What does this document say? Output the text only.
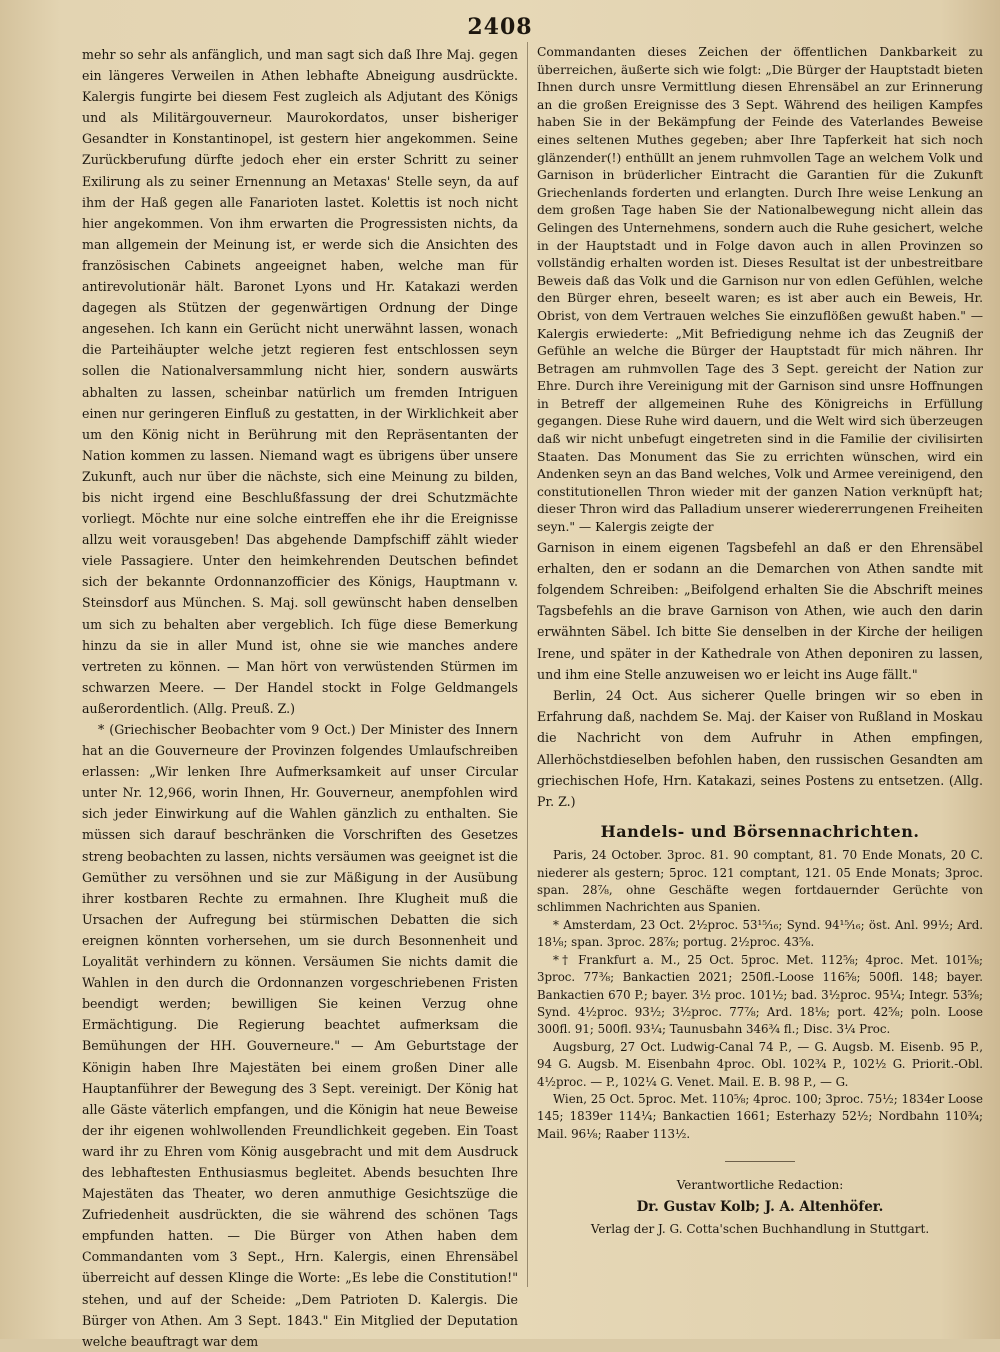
2408

mehr so sehr als anfänglich, und man sagt sich daß Ihre Maj. gegen ein längeres Verweilen in Athen lebhafte Abneigung ausdrückte. Kalergis fungirte bei diesem Fest zugleich als Adjutant des Königs und als Militärgouverneur. Maurokordatos, unser bisheriger Gesandter in Konstantinopel, ist gestern hier angekommen. Seine Zurückberufung dürfte jedoch eher ein erster Schritt zu seiner Exilirung als zu seiner Ernennung an Metaxas' Stelle seyn, da auf ihm der Haß gegen alle Fanarioten lastet. Kolettis ist noch nicht hier angekommen. Von ihm erwarten die Progressisten nichts, da man allgemein der Meinung ist, er werde sich die Ansichten des französischen Cabinets angeeignet haben, welche man für antirevolutionär hält. Baronet Lyons und Hr. Katakazi werden dagegen als Stützen der gegenwärtigen Ordnung der Dinge angesehen. Ich kann ein Gerücht nicht unerwähnt lassen, wonach die Parteihäupter welche jetzt regieren fest entschlossen seyn sollen die Nationalversammlung nicht hier, sondern auswärts abhalten zu lassen, scheinbar natürlich um fremden Intriguen einen nur geringeren Einfluß zu gestatten, in der Wirklichkeit aber um den König nicht in Berührung mit den Repräsentanten der Nation kommen zu lassen. Niemand wagt es übrigens über unsere Zukunft, auch nur über die nächste, sich eine Meinung zu bilden, bis nicht irgend eine Beschlußfassung der drei Schutzmächte vorliegt. Möchte nur eine solche eintreffen ehe ihr die Ereignisse allzu weit vorausgeben! Das abgehende Dampfschiff zählt wieder viele Passagiere. Unter den heimkehrenden Deutschen befindet sich der bekannte Ordonnanzofficier des Königs, Hauptmann v. Steinsdorf aus München. S. Maj. soll gewünscht haben denselben um sich zu behalten aber vergeblich. Ich füge diese Bemerkung hinzu da sie in aller Mund ist, ohne sie wie manches andere vertreten zu können. — Man hört von verwüstenden Stürmen im schwarzen Meere. — Der Handel stockt in Folge Geldmangels außerordentlich. (Allg. Preuß. Z.)

* (Griechischer Beobachter vom 9 Oct.) Der Minister des Innern hat an die Gouverneure der Provinzen folgendes Umlaufschreiben erlassen: „Wir lenken Ihre Aufmerksamkeit auf unser Circular unter Nr. 12,966, worin Ihnen, Hr. Gouverneur, anempfohlen wird sich jeder Einwirkung auf die Wahlen gänzlich zu enthalten. Sie müssen sich darauf beschränken die Vorschriften des Gesetzes streng beobachten zu lassen, nichts versäumen was geeignet ist die Gemüther zu versöhnen und sie zur Mäßigung in der Ausübung ihrer kostbaren Rechte zu ermahnen. Ihre Klugheit muß die Ursachen der Aufregung bei stürmischen Debatten die sich ereignen könnten vorhersehen, um sie durch Besonnenheit und Loyalität verhindern zu können. Versäumen Sie nichts damit die Wahlen in den durch die Ordonnanzen vorgeschriebenen Fristen beendigt werden; bewilligen Sie keinen Verzug ohne Ermächtigung. Die Regierung beachtet aufmerksam die Bemühungen der HH. Gouverneure." — Am Geburtstage der Königin haben Ihre Majestäten bei einem großen Diner alle Hauptanführer der Bewegung des 3 Sept. vereinigt. Der König hat alle Gäste väterlich empfangen, und die Königin hat neue Beweise der ihr eigenen wohlwollenden Freundlichkeit gegeben. Ein Toast ward ihr zu Ehren vom König ausgebracht und mit dem Ausdruck des lebhaftesten Enthusiasmus begleitet. Abends besuchten Ihre Majestäten das Theater, wo deren anmuthige Gesichtszüge die Zufriedenheit ausdrückten, die sie während des schönen Tags empfunden hatten. — Die Bürger von Athen haben dem Commandanten vom 3 Sept., Hrn. Kalergis, einen Ehrensäbel überreicht auf dessen Klinge die Worte: „Es lebe die Constitution!" stehen, und auf der Scheide: „Dem Patrioten D. Kalergis. Die Bürger von Athen. Am 3 Sept. 1843." Ein Mitglied der Deputation welche beauftragt war dem

Commandanten dieses Zeichen der öffentlichen Dankbarkeit zu überreichen, äußerte sich wie folgt: „Die Bürger der Hauptstadt bieten Ihnen durch unsre Vermittlung diesen Ehrensäbel an zur Erinnerung an die großen Ereignisse des 3 Sept. Während des heiligen Kampfes haben Sie in der Bekämpfung der Feinde des Vaterlandes Beweise eines seltenen Muthes gegeben; aber Ihre Tapferkeit hat sich noch glänzender(!) enthüllt an jenem ruhmvollen Tage an welchem Volk und Garnison in brüderlicher Eintracht die Garantien für die Zukunft Griechenlands forderten und erlangten. Durch Ihre weise Lenkung an dem großen Tage haben Sie der Nationalbewegung nicht allein das Gelingen des Unternehmens, sondern auch die Ruhe gesichert, welche in der Hauptstadt und in Folge davon auch in allen Provinzen so vollständig erhalten worden ist. Dieses Resultat ist der unbestreitbare Beweis daß das Volk und die Garnison nur von edlen Gefühlen, welche den Bürger ehren, beseelt waren; es ist aber auch ein Beweis, Hr. Obrist, von dem Vertrauen welches Sie einzuflößen gewußt haben." — Kalergis erwiederte: „Mit Befriedigung nehme ich das Zeugniß der Gefühle an welche die Bürger der Hauptstadt für mich nähren. Ihr Betragen am ruhmvollen Tage des 3 Sept. gereicht der Nation zur Ehre. Durch ihre Vereinigung mit der Garnison sind unsre Hoffnungen in Betreff der allgemeinen Ruhe des Königreichs in Erfüllung gegangen. Diese Ruhe wird dauern, und die Welt wird sich überzeugen daß wir nicht unbefugt eingetreten sind in die Familie der civilisirten Staaten. Das Monument das Sie zu errichten wünschen, wird ein Andenken seyn an das Band welches, Volk und Armee vereinigend, den constitutionellen Thron wieder mit der ganzen Nation verknüpft hat; dieser Thron wird das Palladium unserer wiedererrungenen Freiheiten seyn." — Kalergis zeigte der

Garnison in einem eigenen Tagsbefehl an daß er den Ehrensäbel erhalten, den er sodann an die Demarchen von Athen sandte mit folgendem Schreiben: „Beifolgend erhalten Sie die Abschrift meines Tagsbefehls an die brave Garnison von Athen, wie auch den darin erwähnten Säbel. Ich bitte Sie denselben in der Kirche der heiligen Irene, und später in der Kathedrale von Athen deponiren zu lassen, und ihm eine Stelle anzuweisen wo er leicht ins Auge fällt."

Berlin, 24 Oct. Aus sicherer Quelle bringen wir so eben in Erfahrung daß, nachdem Se. Maj. der Kaiser von Rußland in Moskau die Nachricht von dem Aufruhr in Athen empfingen, Allerhöchstdieselben befohlen haben, den russischen Gesandten am griechischen Hofe, Hrn. Katakazi, seines Postens zu entsetzen. (Allg. Pr. Z.)

Handels- und Börsennachrichten.

Paris, 24 October. 3proc. 81. 90 comptant, 81. 70 Ende Monats, 20 C. niederer als gestern; 5proc. 121 comptant, 121. 05 Ende Monats; 3proc. span. 28⅞, ohne Geschäfte wegen fortdauernder Gerüchte von schlimmen Nachrichten aus Spanien.

* Amsterdam, 23 Oct. 2½proc. 53¹⁵⁄₁₆; Synd. 94¹⁵⁄₁₆; öst. Anl. 99½; Ard. 18⅛; span. 3proc. 28⅞; portug. 2½proc. 43⅝.

*† Frankfurt a. M., 25 Oct. 5proc. Met. 112⅝; 4proc. Met. 101⅝; 3proc. 77⅜; Bankactien 2021; 250fl.-Loose 116⅝; 500fl. 148; bayer. Bankactien 670 P.; bayer. 3½ proc. 101½; bad. 3½proc. 95¼; Integr. 53⅝; Synd. 4½proc. 93½; 3½proc. 77⅞; Ard. 18⅛; port. 42⅝; poln. Loose 300fl. 91; 500fl. 93¼; Taunusbahn 346¾ fl.; Disc. 3¼ Proc.

Augsburg, 27 Oct. Ludwig-Canal 74 P., — G. Augsb. M. Eisenb. 95 P., 94 G. Augsb. M. Eisenbahn 4proc. Obl. 102¾ P., 102½ G. Priorit.-Obl. 4½proc. — P., 102¼ G. Venet. Mail. E. B. 98 P., — G.

Wien, 25 Oct. 5proc. Met. 110⅝; 4proc. 100; 3proc. 75½; 1834er Loose 145; 1839er 114¼; Bankactien 1661; Esterhazy 52½; Nordbahn 110¾; Mail. 96⅛; Raaber 113½.

Verantwortliche Redaction:

Dr. Gustav Kolb; J. A. Altenhöfer.

Verlag der J. G. Cotta'schen Buchhandlung in Stuttgart.
